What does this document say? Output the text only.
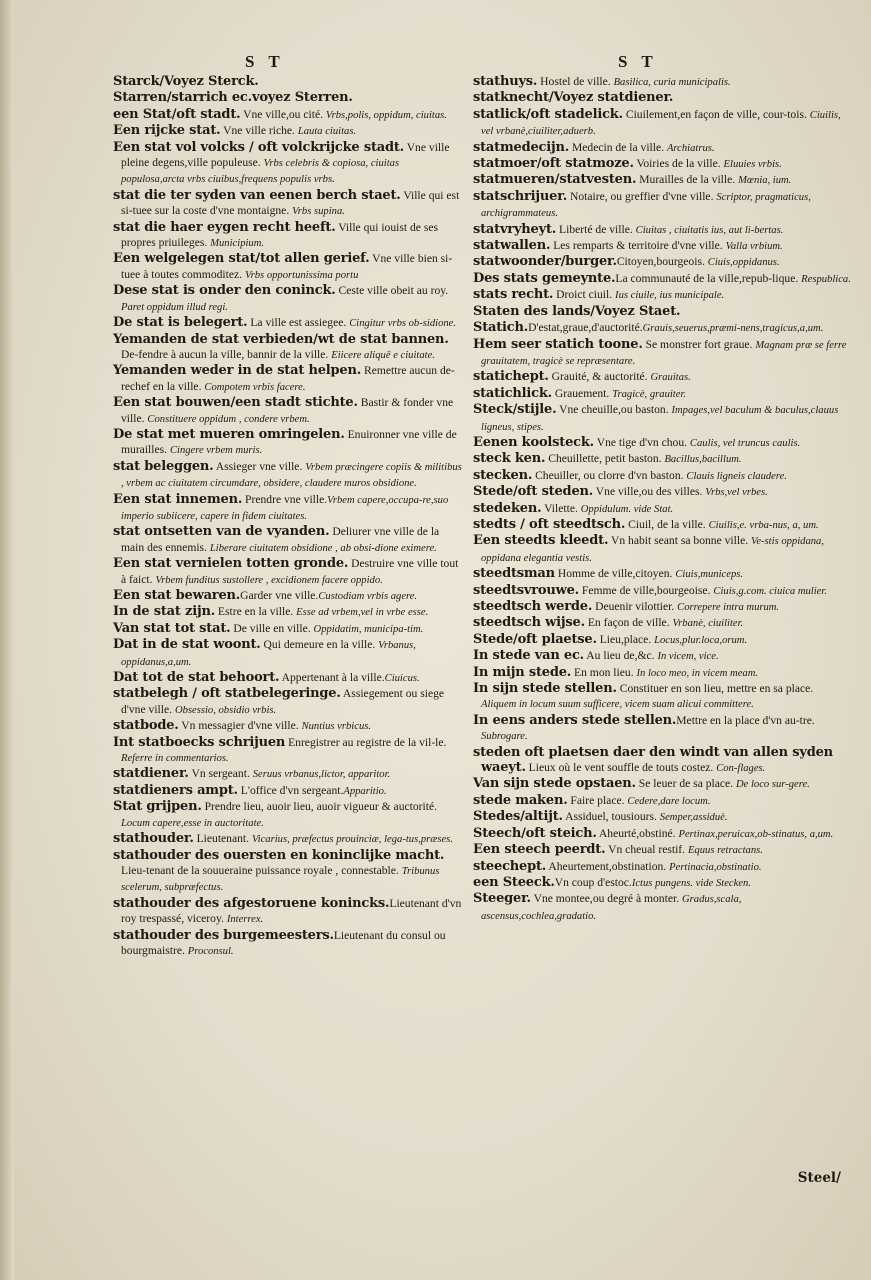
S T	S T

Starck/Voyez Sterck.

Starren/starrich ec.voyez Sterren.

een Stat/oft stadt. Vne ville,ou cité. Vrbs,polis, oppidum, ciuitas.

Een rijcke stat. Vne ville riche. Lauta ciuitas.

Een stat vol volcks / oft volckrijcke stadt. Vne ville pleine degens,ville populeuse. Vrbs celebris & copiosa, ciuitas populosa,arcta vrbs ciuibus,frequens populis vrbs.

stat die ter syden van eenen berch staet. Ville qui est si-tuee sur la coste d'vne montaigne. Vrbs supina.

stat die haer eygen recht heeft. Ville qui iouist de ses propres priuileges. Municipium.

Een welgelegen stat/tot allen gerief. Vne ville bien si-tuee à toutes commoditez. Vrbs opportunissima portu

Dese stat is onder den coninck. Ceste ville obeit au roy. Paret oppidum illud regi.

De stat is belegert. La ville est assiegee. Cingitur vrbs ob-sidione.

Yemanden de stat verbieden/wt de stat bannen. De-fendre à aucun la ville, bannir de la ville. Eiicere aliquē e ciuitate.

Yemanden weder in de stat helpen. Remettre aucun de-rechef en la ville. Compotem vrbis facere.

Een stat bouwen/een stadt stichte. Bastir & fonder vne ville. Constituere oppidum , condere vrbem.

De stat met mueren omringelen. Enuironner vne ville de murailles. Cingere vrbem muris.

stat beleggen. Assieger vne ville. Vrbem præcingere copiis & militibus , vrbem ac ciuitatem circumdare, obsidere, claudere muros obsidione.

Een stat innemen. Prendre vne ville.Vrbem capere,occupa-re,suo imperio subiicere, capere in fidem ciuitates.

stat ontsetten van de vyanden. Deliurer vne ville de la main des ennemis. Liberare ciuitatem obsidione , ab obsi-dione eximere.

Een stat vernielen totten gronde. Destruire vne ville tout à faict. Vrbem funditus sustollere , excidionem facere oppido.

Een stat bewaren.Garder vne ville.Custodiam vrbis agere.

In de stat zijn. Estre en la ville. Esse ad vrbem,vel in vrbe esse.

Van stat tot stat. De ville en ville. Oppidatim, municipa-tim.

Dat in de stat woont. Qui demeure en la ville. Vrbanus, oppidanus,a,um.

Dat tot de stat behoort. Appertenant à la ville.Ciuicus.

statbelegh / oft statbelegeringe. Assiegement ou siege d'vne ville. Obsessio, obsidio vrbis.

statbode. Vn messagier d'vne ville. Nuntius vrbicus.

Int statboecks schrijuen Enregistrer au registre de la vil-le. Referre in commentarios.

statdiener. Vn sergeant. Seruus vrbanus,lictor, apparitor.

statdieners ampt. L'office d'vn sergeant.Apparitio.

Stat grijpen. Prendre lieu, auoir lieu, auoir vigueur & auctorité. Locum capere,esse in auctoritate.

stathouder. Lieutenant. Vicarius, præfectus prouinciæ, lega-tus,præses.

stathouder des ouersten en koninclijke macht. Lieu-tenant de la souueraine puissance royale , connestable. Tribunus scelerum, subpræfectus.

stathouder des afgestoruene konincks.Lieutenant d'vn roy trespassé, viceroy. Interrex.

stathouder des burgemeesters.Lieutenant du consul ou bourgmaistre. Proconsul.

stathuys. Hostel de ville. Basilica, curia municipalis.

statknecht/Voyez statdiener.

statlick/oft stadelick. Ciuilement,en façon de ville, cour-tois. Ciuilis, vel vrbanè,ciuiliter,aduerb.

statmedecijn. Medecin de la ville. Archiatrus.

statmoer/oft statmoze. Voiries de la ville. Eluuies vrbis.

statmueren/statvesten. Murailles de la ville. Mœnia, ium.

statschrijuer. Notaire, ou greffier d'vne ville. Scriptor, pragmaticus, archigrammateus.

statvryheyt. Liberté de ville. Ciuitas , ciuitatis ius, aut li-bertas.

statwallen. Les remparts & territoire d'vne ville. Valla vrbium.

statwoonder/burger.Citoyen,bourgeois. Ciuis,oppidanus.

Des stats gemeynte.La communauté de la ville,repub-lique. Respublica.

stats recht. Droict ciuil. Ius ciuile, ius municipale.

Staten des lands/Voyez Staet.

Statich.D'estat,graue,d'auctorité.Grauis,seuerus,præmi-nens,tragicus,a,um.

Hem seer statich toone. Se monstrer fort graue. Magnam præ se ferre grauitatem, tragicè se repræsentare.

statichept. Grauité, & auctorité. Grauitas.

statichlick. Grauement. Tragicè, grauiter.

Steck/stijle. Vne cheuille,ou baston. Impages,vel baculum & baculus,clauus ligneus, stipes.

Eenen koolsteck. Vne tige d'vn chou. Caulis, vel truncus caulis.

steck ken. Cheuillette, petit baston. Bacillus,bacillum.

stecken. Cheuiller, ou clorre d'vn baston. Clauis ligneis claudere.

Stede/oft steden. Vne ville,ou des villes. Vrbs,vel vrbes.

stedeken. Vilette. Oppidulum. vide Stat.

stedts / oft steedtsch. Ciuil, de la ville. Ciuilis,e. vrba-nus, a, um.

Een steedts kleedt. Vn habit seant sa bonne ville. Ve-stis oppidana, oppidana elegantia vestis.

steedtsman Homme de ville,citoyen. Ciuis,municeps.

steedtsvrouwe. Femme de ville,bourgeoise. Ciuis,g.com. ciuica mulier.

steedtsch werde. Deuenir vilottier. Correpere intra murum.

steedtsch wijse. En façon de ville. Vrbanè, ciuiliter.

Stede/oft plaetse. Lieu,place. Locus,plur.loca,orum.

In stede van ec. Au lieu de,&c. In vicem, vice.

In mijn stede. En mon lieu. In loco meo, in vicem meam.

In sijn stede stellen. Constituer en son lieu, mettre en sa place. Aliquem in locum suum sufficere, vicem suam alicui committere.

In eens anders stede stellen.Mettre en la place d'vn au-tre. Subrogare.

steden oft plaetsen daer den windt van allen syden waeyt. Lieux où le vent souffle de touts costez. Con-flages.

Van sijn stede opstaen. Se leuer de sa place. De loco sur-gere.

stede maken. Faire place. Cedere,dare locum.

Stedes/altijt. Assiduel, tousiours. Semper,assiduè.

Steech/oft steich. Aheurté,obstiné. Pertinax,peruicax,ob-stinatus, a,um.

Een steech peerdt. Vn cheual restif. Equus retractans.

steechept. Aheurtement,obstination. Pertinacia,obstinatio.

een Steeck.Vn coup d'estoc.Ictus pungens. vide Stecken.

Steeger. Vne montee,ou degré à monter. Gradus,scala, ascensus,cochlea,gradatio.

Steel/
